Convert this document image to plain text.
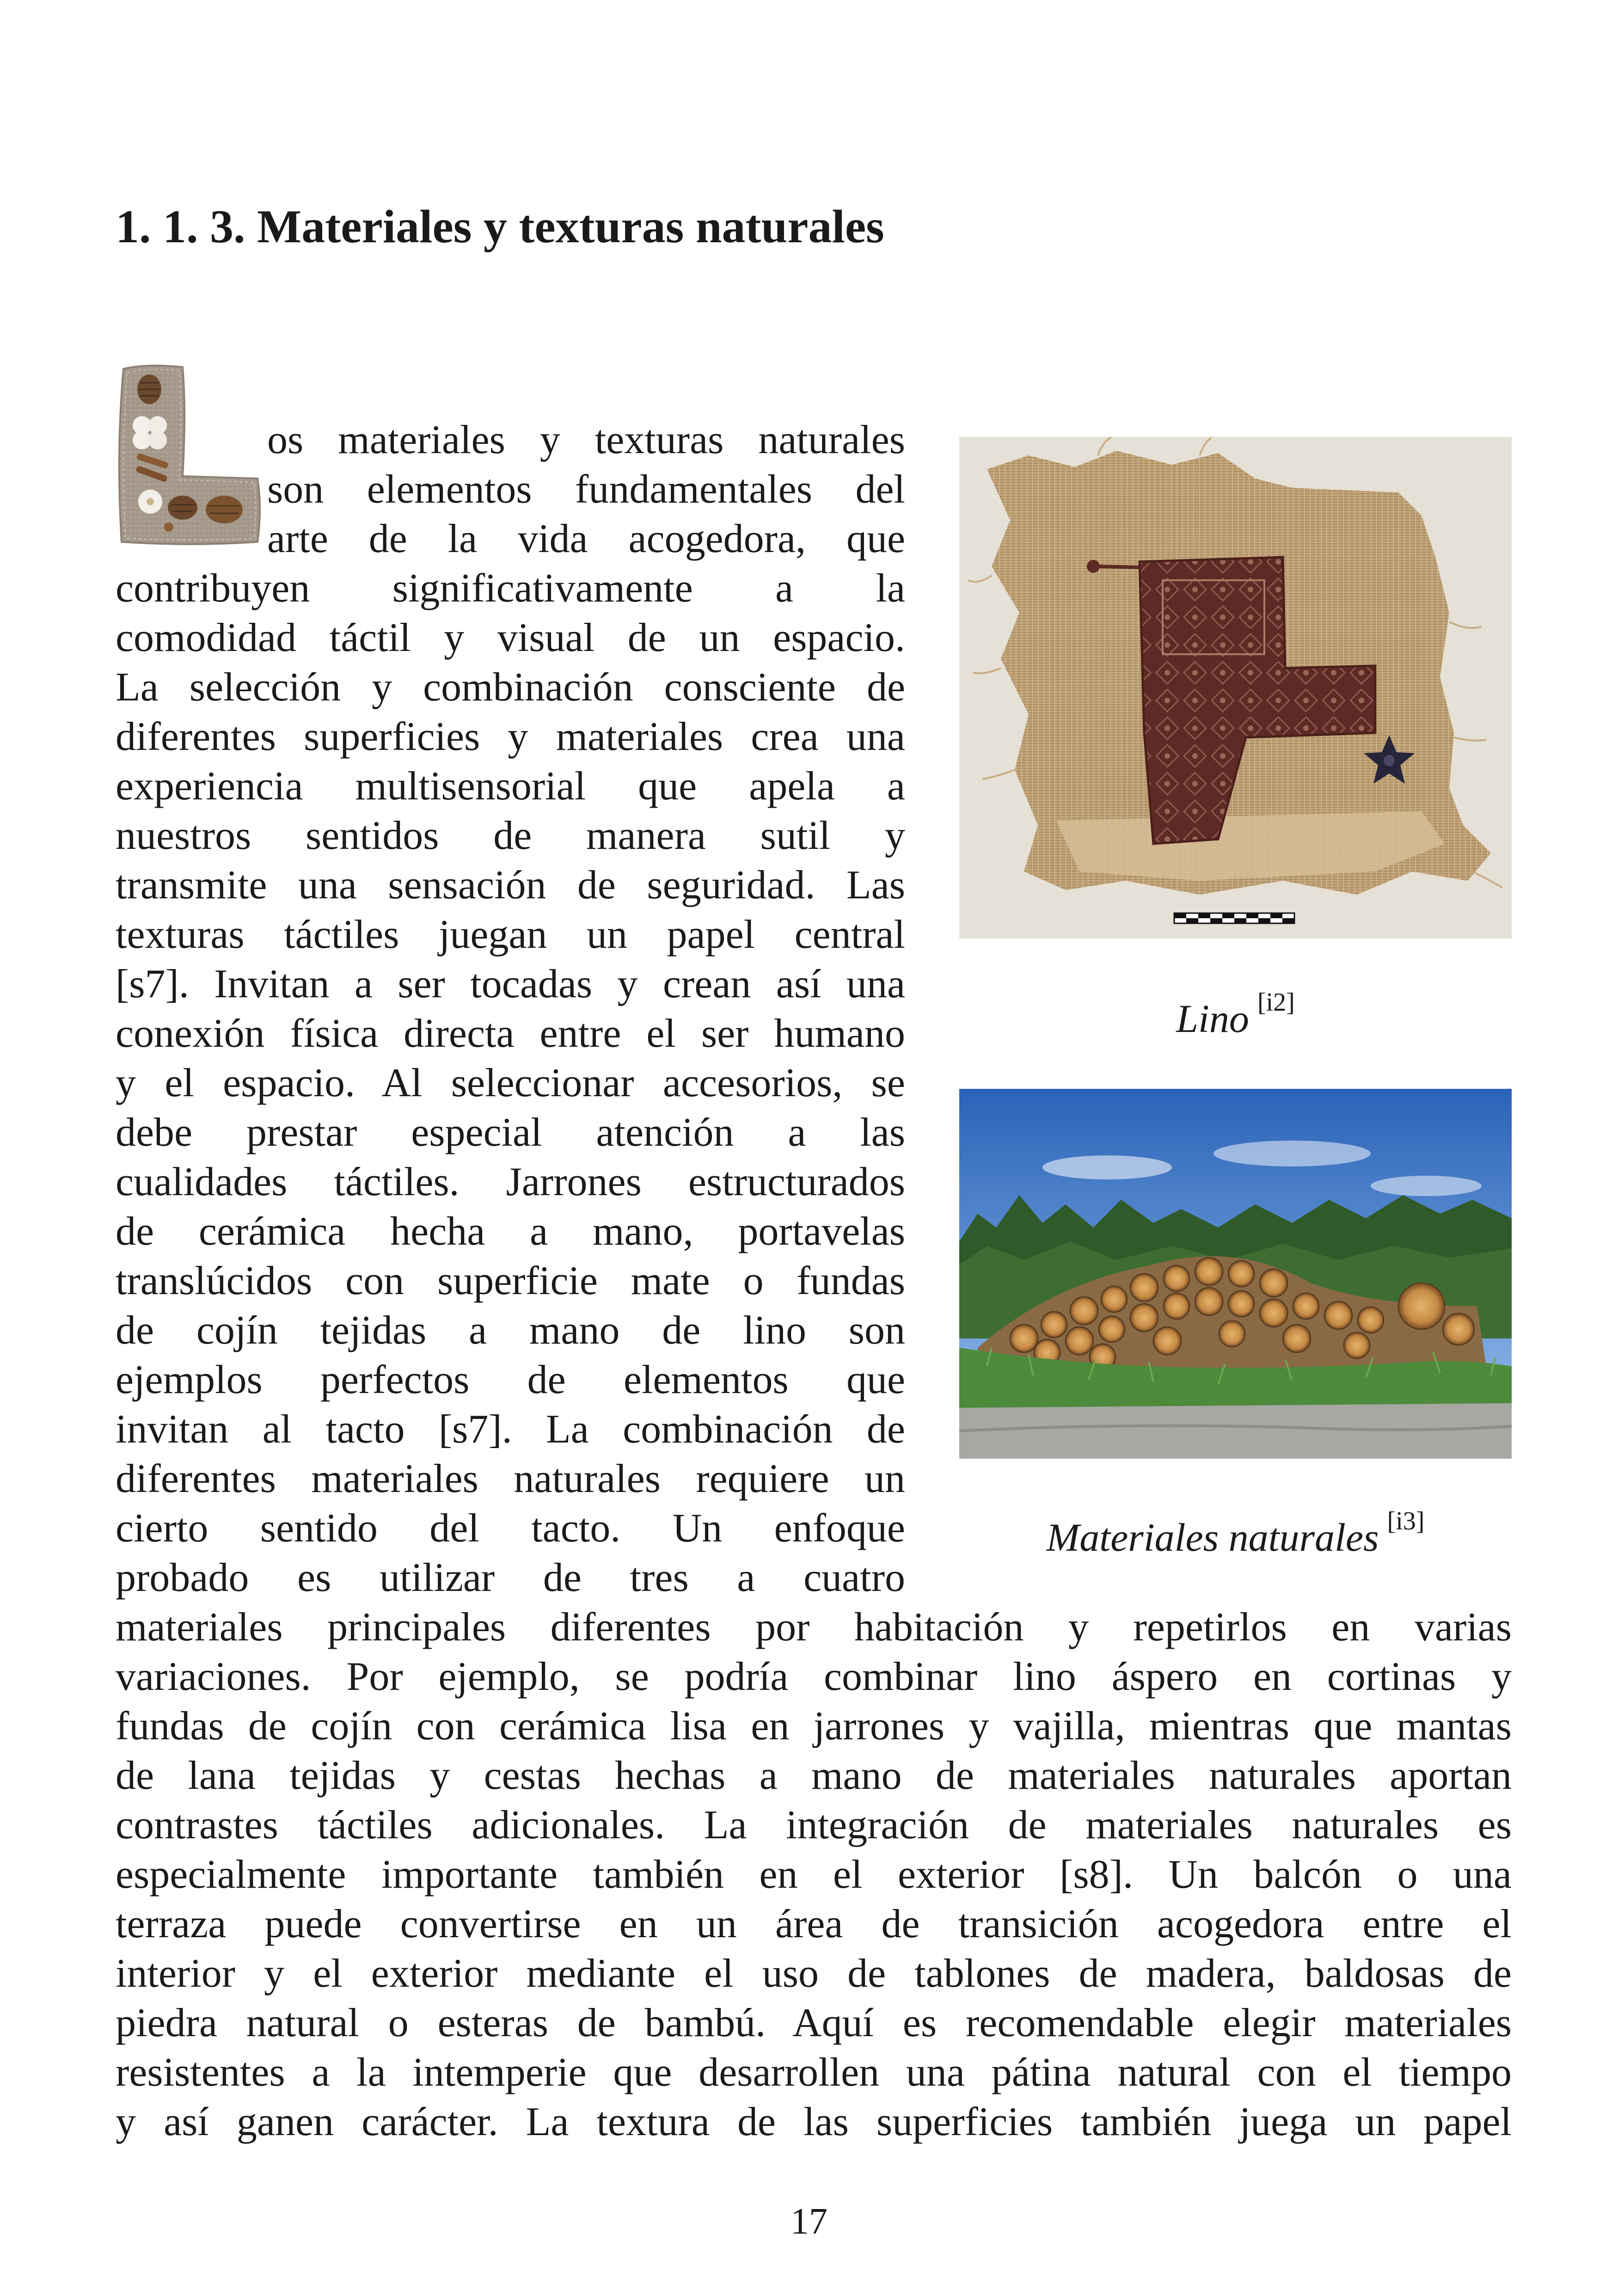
1. 1. 3. Materiales y texturas naturales
Lino [i2]
Materiales naturales [i3]

os materiales y texturas naturales

son elementos fundamentales del

arte de la vida acogedora, que

contribuyen significativamente a la

comodidad táctil y visual de un espacio.

La selección y combinación consciente de

diferentes superficies y materiales crea una

experiencia multisensorial que apela a

nuestros sentidos de manera sutil y

transmite una sensación de seguridad. Las

texturas táctiles juegan un papel central

[s7]. Invitan a ser tocadas y crean así una

conexión física directa entre el ser humano

y el espacio. Al seleccionar accesorios, se

debe prestar especial atención a las

cualidades táctiles. Jarrones estructurados

de cerámica hecha a mano, portavelas

translúcidos con superficie mate o fundas

de cojín tejidas a mano de lino son

ejemplos perfectos de elementos que

invitan al tacto [s7]. La combinación de

diferentes materiales naturales requiere un

cierto sentido del tacto. Un enfoque

probado es utilizar de tres a cuatro

materiales principales diferentes por habitación y repetirlos en varias

variaciones. Por ejemplo, se podría combinar lino áspero en cortinas y

fundas de cojín con cerámica lisa en jarrones y vajilla, mientras que mantas

de lana tejidas y cestas hechas a mano de materiales naturales aportan

contrastes táctiles adicionales. La integración de materiales naturales es

especialmente importante también en el exterior [s8]. Un balcón o una

terraza puede convertirse en un área de transición acogedora entre el

interior y el exterior mediante el uso de tablones de madera, baldosas de

piedra natural o esteras de bambú. Aquí es recomendable elegir materiales

resistentes a la intemperie que desarrollen una pátina natural con el tiempo

y así ganen carácter. La textura de las superficies también juega un papel

17
